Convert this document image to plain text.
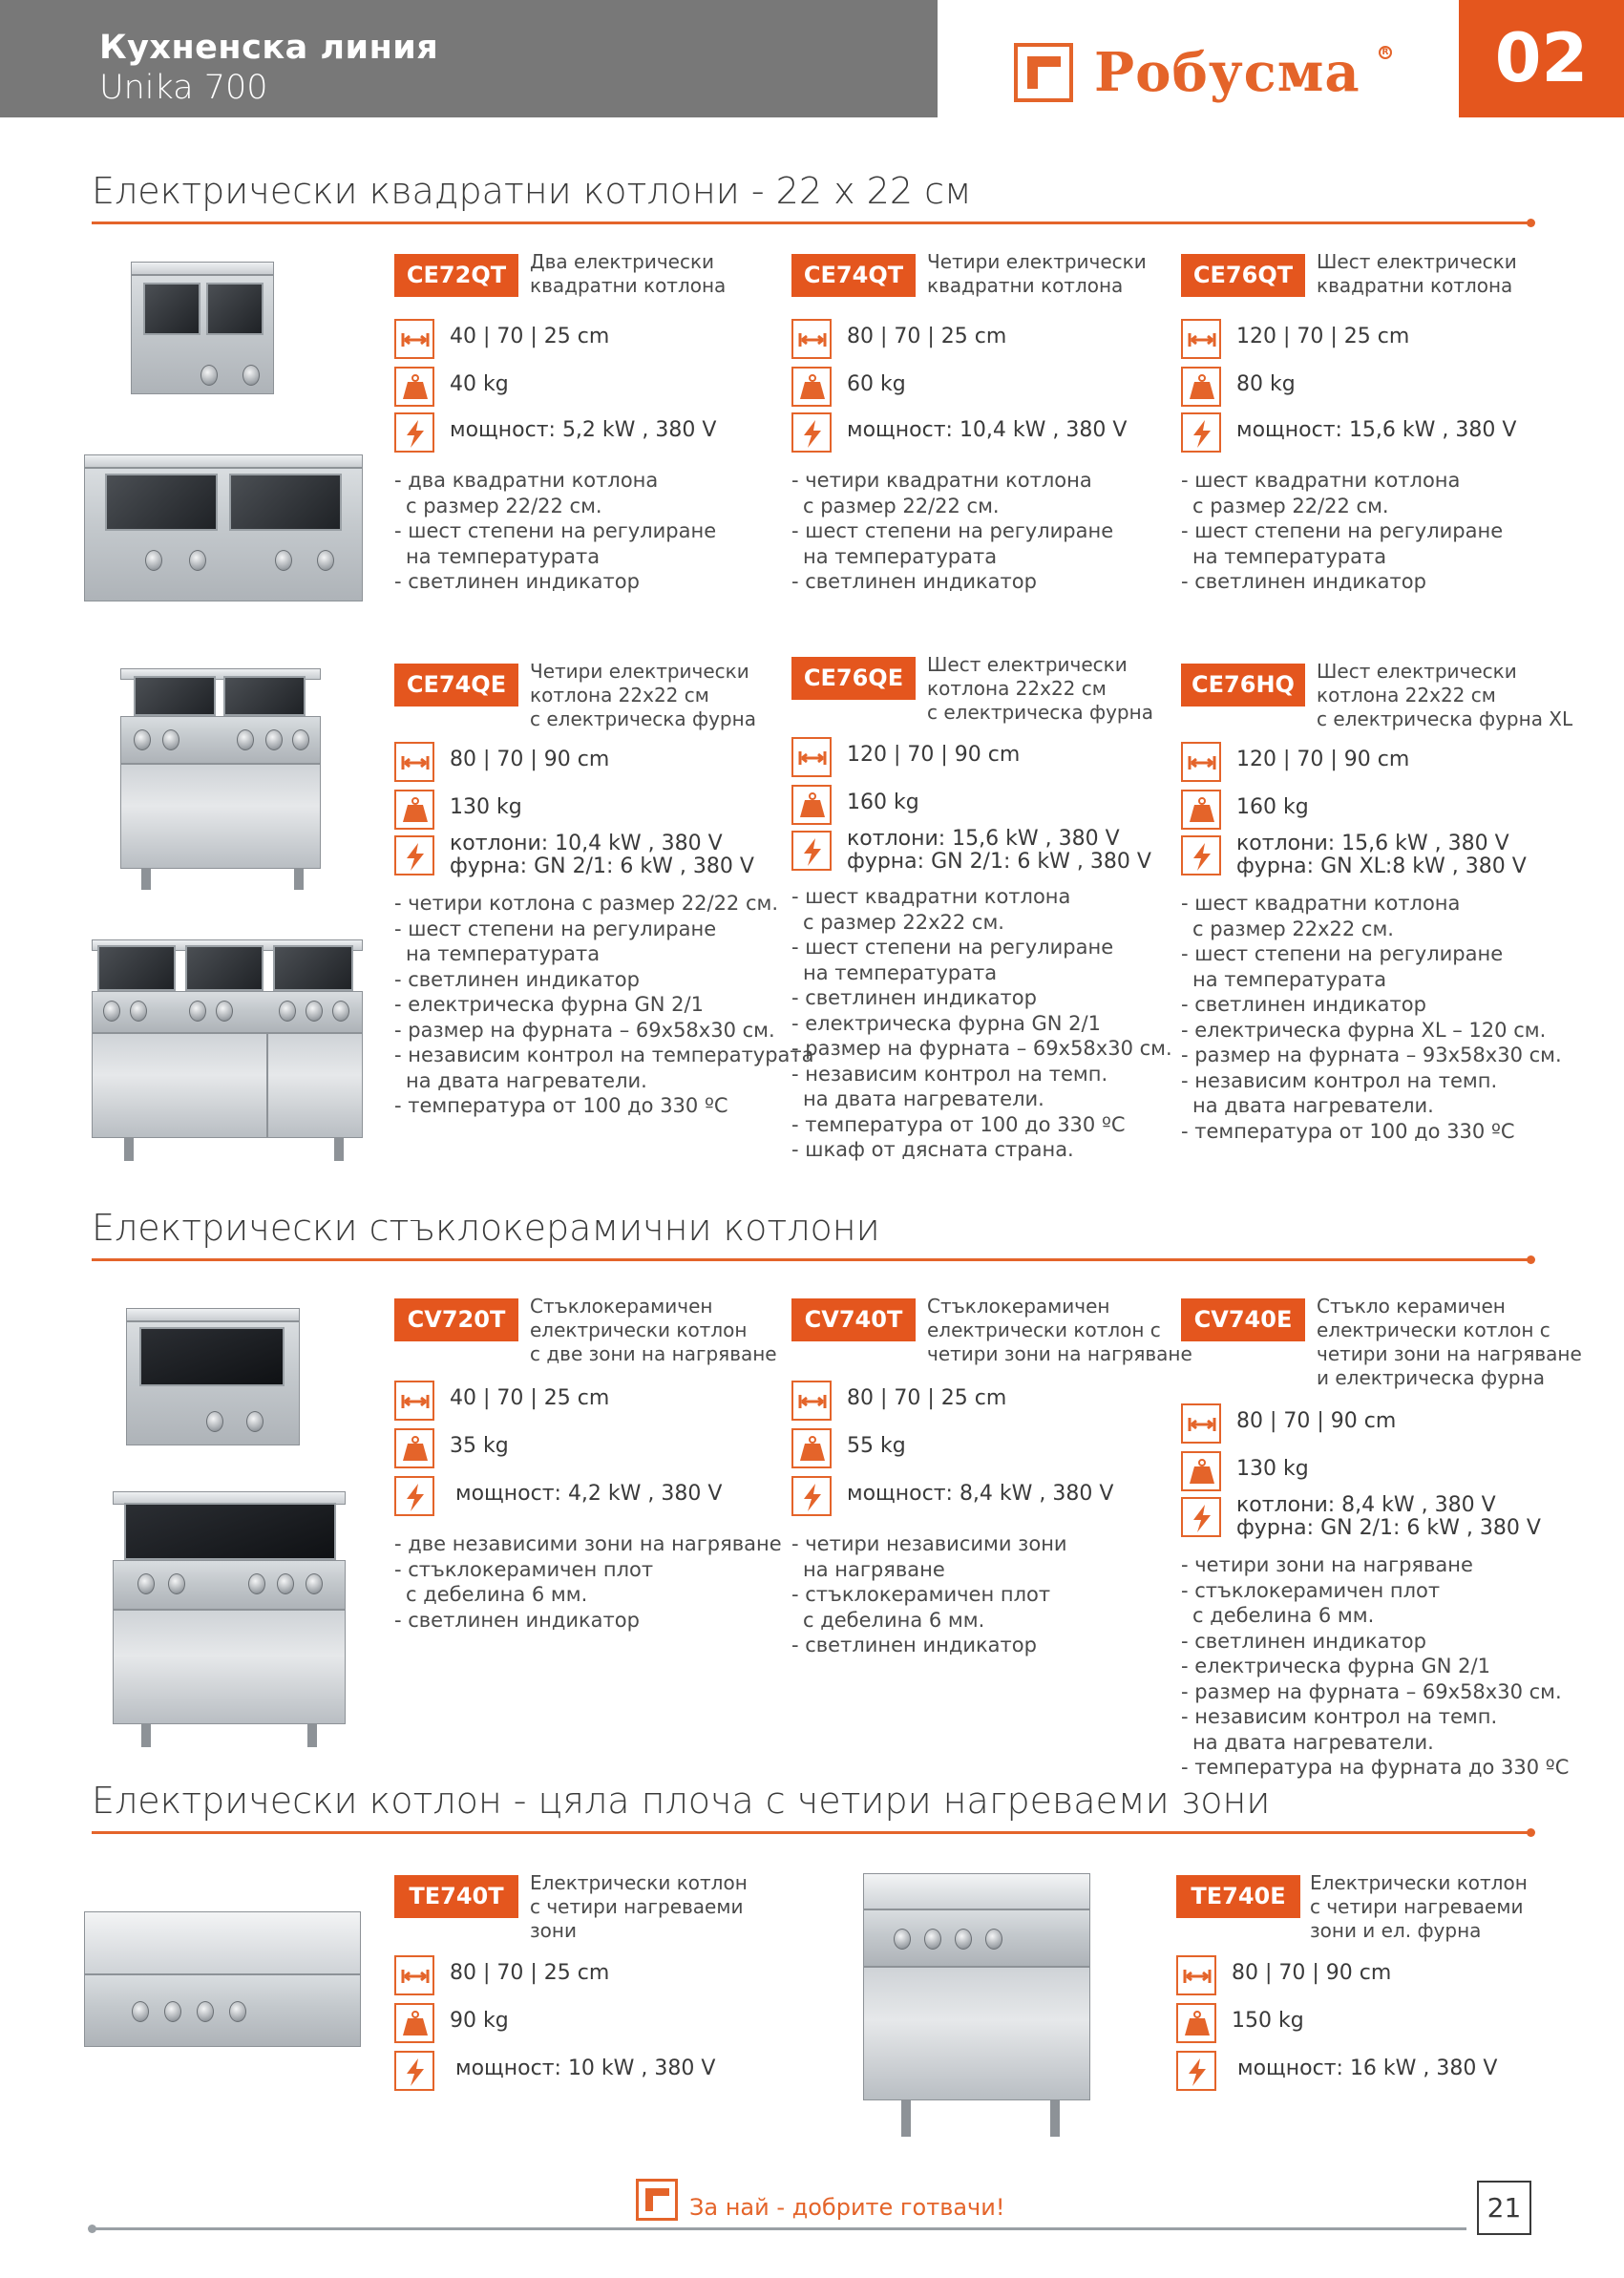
Кухненска линия
Unika 700	Робусма	R	02
Електрически квадратни котлони - 22 х 22 см
CE72QT	Два електрически
квадратни котлона
40 | 70 | 25 cm
40 kg
мощност: 5,2 kW , 380 V
- два квадратни котлона
с размер 22/22 см.
- шест степени на регулиране
на температурата
- светлинен индикатор
CE74QT	Четири електрически
квадратни котлона
80 | 70 | 25 cm
60 kg
мощност: 10,4 kW , 380 V
- четири квадратни котлона
с размер 22/22 см.
- шест степени на регулиране
на температурата
- светлинен индикатор
CE76QT	Шест електрически
квадратни котлона
120 | 70 | 25 cm
80 kg
мощност: 15,6 kW , 380 V
- шест квадратни котлона
с размер 22/22 см.
- шест степени на регулиране
на температурата
- светлинен индикатор
CE74QE	Четири електрически
котлона 22x22 см
с електрическа фурна
80 | 70 | 90 cm
130 kg
котлони: 10,4 kW , 380 V
фурна: GN 2/1: 6 kW , 380 V
- четири котлона с размер 22/22 см.
- шест степени на регулиране
на температурата
- светлинен индикатор
- електрическа фурна GN 2/1
- размер на фурната – 69x58x30 см.
- независим контрол на температурата
на двата нагреватели.
- температура от 100 до 330 ºC
CE76QE	Шест електрически
котлона 22x22 см
с електрическа фурна
120 | 70 | 90 cm
160 kg
котлони: 15,6 kW , 380 V
фурна: GN 2/1: 6 kW , 380 V
- шест квадратни котлона
с размер 22x22 см.
- шест степени на регулиране
на температурата
- светлинен индикатор
- електрическа фурна GN 2/1
- размер на фурната – 69x58x30 см.
- независим контрол на темп.
на двата нагреватели.
- температура от 100 до 330 ºC
- шкаф от дясната страна.
CE76HQ	Шест електрически
котлона 22x22 см
с електрическа фурна XL
120 | 70 | 90 cm
160 kg
котлони: 15,6 kW , 380 V
фурна: GN XL:8 kW , 380 V
- шест квадратни котлона
с размер 22x22 см.
- шест степени на регулиране
на температурата
- светлинен индикатор
- електрическа фурна XL – 120 см.
- размер на фурната – 93x58x30 см.
- независим контрол на темп.
на двата нагреватели.
- температура от 100 до 330 ºC
Електрически стъклокерамични котлони
CV720T	Стъклокерамичен
електрически котлон
с две зони на нагряване
40 | 70 | 25 cm
35 kg
мощност: 4,2 kW , 380 V
- две независими зони на нагряване
- стъклокерамичен плот
с дебелина 6 мм.
- светлинен индикатор
CV740T	Стъклокерамичен
електрически котлон с
четири зони на нагряване
80 | 70 | 25 cm
55 kg
мощност: 8,4 kW , 380 V
- четири независими зони
на нагряване
- стъклокерамичен плот
с дебелина 6 мм.
- светлинен индикатор
CV740E	Стъкло керамичен
електрически котлон с
четири зони на нагряване
и електрическа фурна
80 | 70 | 90 cm
130 kg
котлони: 8,4 kW , 380 V
фурна: GN 2/1: 6 kW , 380 V
- четири зони на нагряване
- стъклокерамичен плот
с дебелина 6 мм.
- светлинен индикатор
- електрическа фурна GN 2/1
- размер на фурната – 69x58x30 см.
- независим контрол на темп.
на двата нагреватели.
- температура на фурната до 330 ºC
Електрически котлон - цяла плоча с четири нагреваеми зони
TE740T	Електрически котлон
с четири нагреваеми
зони
80 | 70 | 25 cm
90 kg
мощност: 10 kW , 380 V
TE740E	Електрически котлон
с четири нагреваеми
зони и ел. фурна
80 | 70 | 90 cm
150 kg
мощност: 16 kW , 380 V
За най - добрите готвачи!	21
